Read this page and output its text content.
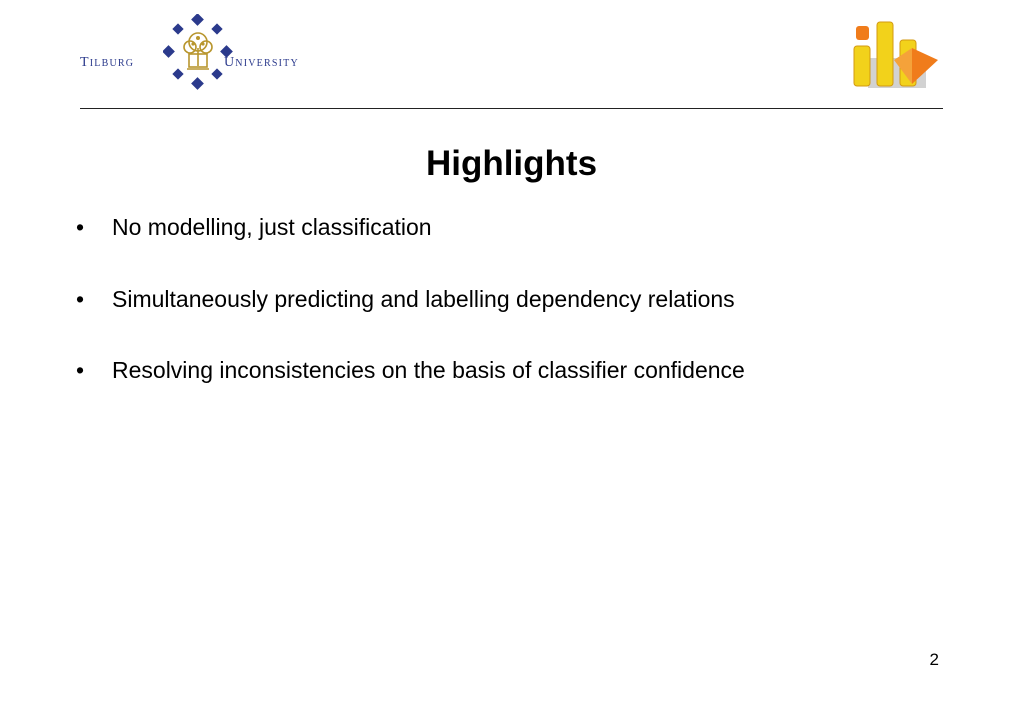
Tilburg	University
Highlights
• No modelling, just classification
• Simultaneously predicting and labelling dependency relations
• Resolving inconsistencies on the basis of classifier confidence
2
